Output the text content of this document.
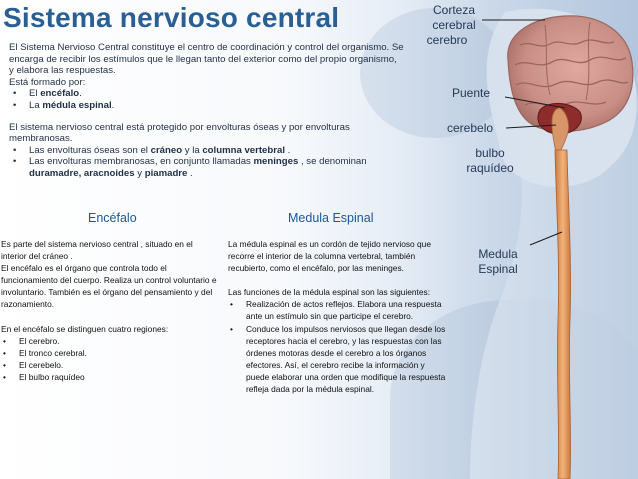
Sistema nervioso central
El Sistema Nervioso Central constituye el centro de coordinación y control del organismo. Se encarga de recibir los estímulos que le llegan tanto del exterior como del propio organismo, y elabora las respuestas.
Está formado por:
• El encéfalo.
• La médula espinal.
El sistema nervioso central está protegido por envolturas óseas y por envolturas membranosas.
• Las envolturas óseas son el cráneo y la columna vertebral .
• Las envolturas membranosas, en conjunto llamadas meninges , se denominan duramadre, aracnoides y piamadre .
Encéfalo	Medula Espinal

Es parte del sistema nervioso central , situado en el interior del cráneo .

El encéfalo es el órgano que controla todo el funcionamiento del cuerpo. Realiza un control voluntario e involuntario. También es el órgano del pensamiento y del razonamiento.

En el encéfalo se distinguen cuatro regiones:

• El cerebro.
• El tronco cerebral.
• El cerebelo.
• El bulbo raquídeo

La médula espinal es un cordón de tejido nervioso que recorre el interior de la columna vertebral, también recubierto, como el encéfalo, por las meninges.

Las funciones de la médula espinal son las siguientes:

• Realización de actos reflejos. Elabora una respuesta ante un estímulo sin que participe el cerebro.
• Conduce los impulsos nerviosos que llegan desde los receptores hacia el cerebro, y las respuestas con las órdenes motoras desde el cerebro a los órganos efectores. Así, el cerebro recibe la información y puede elaborar una orden que modifique la respuesta refleja dada por la médula espinal.
Corteza
cerebral
cerebro
Puente
cerebelo
bulbo
raquídeo
Medula
Espinal
